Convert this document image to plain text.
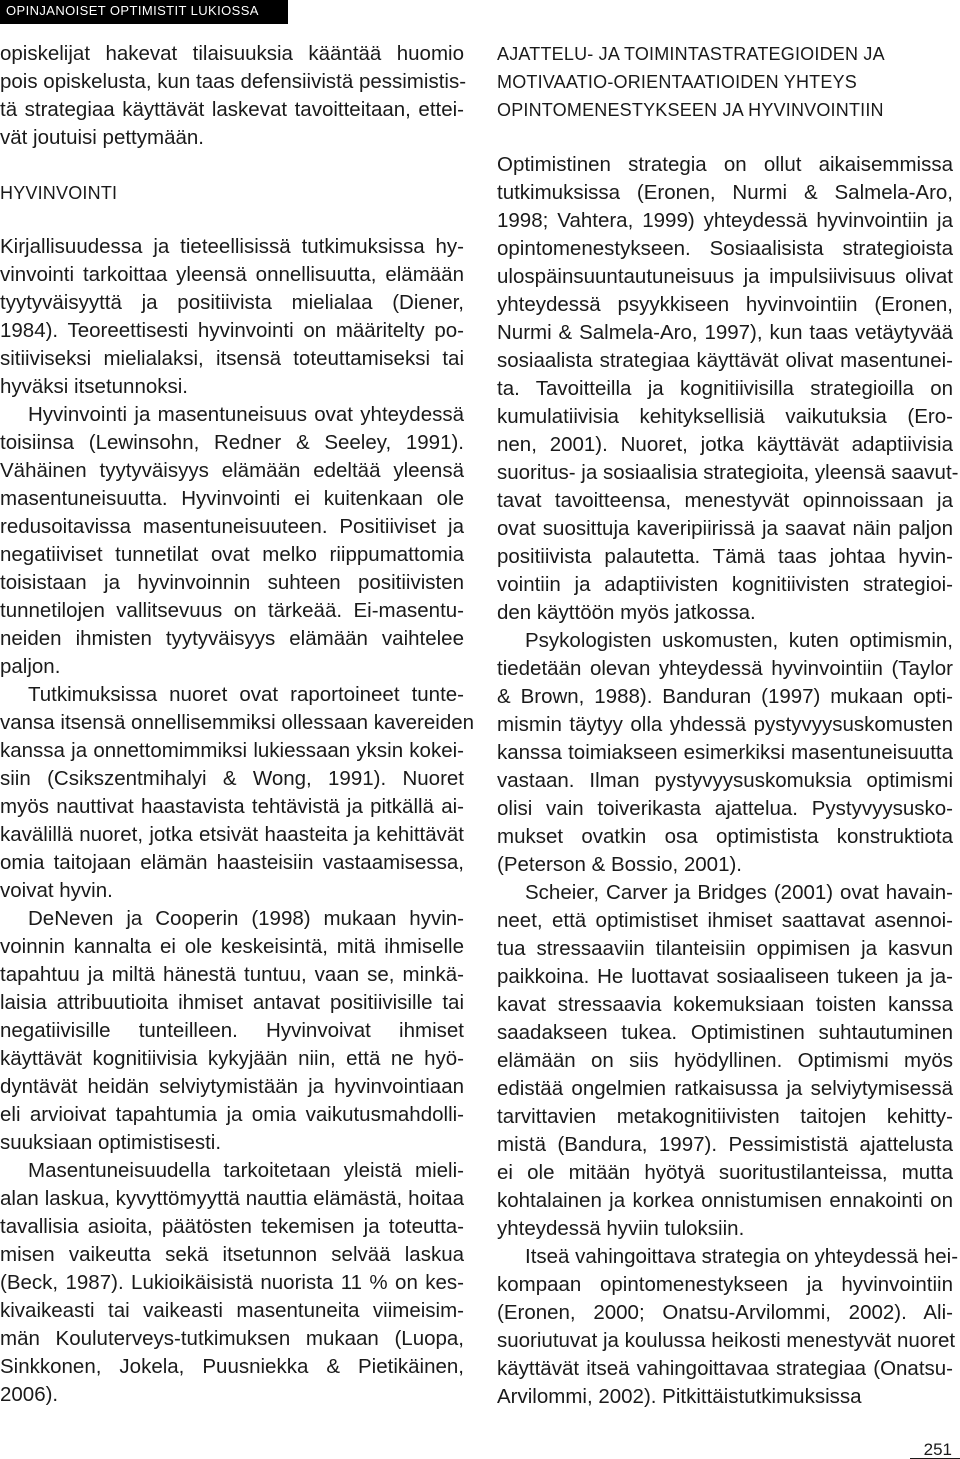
OPINJANOISET OPTIMISTIT LUKIOSSA
opiskelijat hakevat tilaisuuksia kääntää huomio
pois opiskelusta, kun taas defensiivistä pessimistis-
tä strategiaa käyttävät laskevat tavoitteitaan, ettei-
vät joutuisi pettymään.
HYVINVOINTI
Kirjallisuudessa ja tieteellisissä tutkimuksissa hy-
vinvointi tarkoittaa yleensä onnellisuutta, elämään
tyytyväisyyttä ja positiivista mielialaa (Diener,
1984). Teoreettisesti hyvinvointi on määritelty po-
sitiiviseksi mielialaksi, itsensä toteuttamiseksi tai
hyväksi itsetunnoksi.
Hyvinvointi ja masentuneisuus ovat yhteydessä
toisiinsa (Lewinsohn, Redner & Seeley, 1991).
Vähäinen tyytyväisyys elämään edeltää yleensä
masentuneisuutta. Hyvinvointi ei kuitenkaan ole
redusoitavissa masentuneisuuteen. Positiiviset ja
negatiiviset tunnetilat ovat melko riippumattomia
toisistaan ja hyvinvoinnin suhteen positiivisten
tunnetilojen vallitsevuus on tärkeää. Ei-masentu-
neiden ihmisten tyytyväisyys elämään vaihtelee
paljon.
Tutkimuksissa nuoret ovat raportoineet tunte-
vansa itsensä onnellisemmiksi ollessaan kavereiden
kanssa ja onnettomimmiksi lukiessaan yksin kokei-
siin (Csikszentmihalyi & Wong, 1991). Nuoret
myös nauttivat haastavista tehtävistä ja pitkällä ai-
kavälillä nuoret, jotka etsivät haasteita ja kehittävät
omia taitojaan elämän haasteisiin vastaamisessa,
voivat hyvin.
DeNeven ja Cooperin (1998) mukaan hyvin-
voinnin kannalta ei ole keskeisintä, mitä ihmiselle
tapahtuu ja miltä hänestä tuntuu, vaan se, minkä-
laisia attribuutioita ihmiset antavat positiivisille tai
negatiivisille tunteilleen. Hyvinvoivat ihmiset
käyttävät kognitiivisia kykyjään niin, että ne hyö-
dyntävät heidän selviytymistään ja hyvinvointiaan
eli arvioivat tapahtumia ja omia vaikutusmahdolli-
suuksiaan optimistisesti.
Masentuneisuudella tarkoitetaan yleistä mieli-
alan laskua, kyvyttömyyttä nauttia elämästä, hoitaa
tavallisia asioita, päätösten tekemisen ja toteutta-
misen vaikeutta sekä itsetunnon selvää laskua
(Beck, 1987). Lukioikäisistä nuorista 11 % on kes-
kivaikeasti tai vaikeasti masentuneita viimeisim-
män Kouluterveys-tutkimuksen mukaan (Luopa,
Sinkkonen, Jokela, Puusniekka & Pietikäinen,
2006).
AJATTELU- JA TOIMINTASTRATEGIOIDEN JA
MOTIVAATIO-ORIENTAATIOIDEN YHTEYS
OPINTOMENESTYKSEEN JA HYVINVOINTIIN
Optimistinen strategia on ollut aikaisemmissa
tutkimuksissa (Eronen, Nurmi & Salmela-Aro,
1998; Vahtera, 1999) yhteydessä hyvinvointiin ja
opintomenestykseen. Sosiaalisista strategioista
ulospäinsuuntautuneisuus ja impulsiivisuus olivat
yhteydessä psyykkiseen hyvinvointiin (Eronen,
Nurmi & Salmela-Aro, 1997), kun taas vetäytyvää
sosiaalista strategiaa käyttävät olivat masentunei-
ta. Tavoitteilla ja kognitiivisilla strategioilla on
kumulatiivisia kehityksellisiä vaikutuksia (Ero-
nen, 2001). Nuoret, jotka käyttävät adaptiivisia
suoritus- ja sosiaalisia strategioita, yleensä saavut-
tavat tavoitteensa, menestyvät opinnoissaan ja
ovat suosittuja kaveripiirissä ja saavat näin paljon
positiivista palautetta. Tämä taas johtaa hyvin-
vointiin ja adaptiivisten kognitiivisten strategioi-
den käyttöön myös jatkossa.
Psykologisten uskomusten, kuten optimismin,
tiedetään olevan yhteydessä hyvinvointiin (Taylor
& Brown, 1988). Banduran (1997) mukaan opti-
mismin täytyy olla yhdessä pystyvyysuskomusten
kanssa toimiakseen esimerkiksi masentuneisuutta
vastaan. Ilman pystyvyysuskomuksia optimismi
olisi vain toiverikasta ajattelua. Pystyvyysusko-
mukset ovatkin osa optimistista konstruktiota
(Peterson & Bossio, 2001).
Scheier, Carver ja Bridges (2001) ovat havain-
neet, että optimistiset ihmiset saattavat asennoi-
tua stressaaviin tilanteisiin oppimisen ja kasvun
paikkoina. He luottavat sosiaaliseen tukeen ja ja-
kavat stressaavia kokemuksiaan toisten kanssa
saadakseen tukea. Optimistinen suhtautuminen
elämään on siis hyödyllinen. Optimismi myös
edistää ongelmien ratkaisussa ja selviytymisessä
tarvittavien metakognitiivisten taitojen kehitty-
mistä (Bandura, 1997). Pessimististä ajattelusta
ei ole mitään hyötyä suoritustilanteissa, mutta
kohtalainen ja korkea onnistumisen ennakointi on
yhteydessä hyviin tuloksiin.
Itseä vahingoittava strategia on yhteydessä hei-
kompaan opintomenestykseen ja hyvinvointiin
(Eronen, 2000; Onatsu-Arvilommi, 2002). Ali-
suoriutuvat ja koulussa heikosti menestyvät nuoret
käyttävät itseä vahingoittavaa strategiaa (Onatsu-
Arvilommi, 2002). Pitkittäistutkimuksissa
251
